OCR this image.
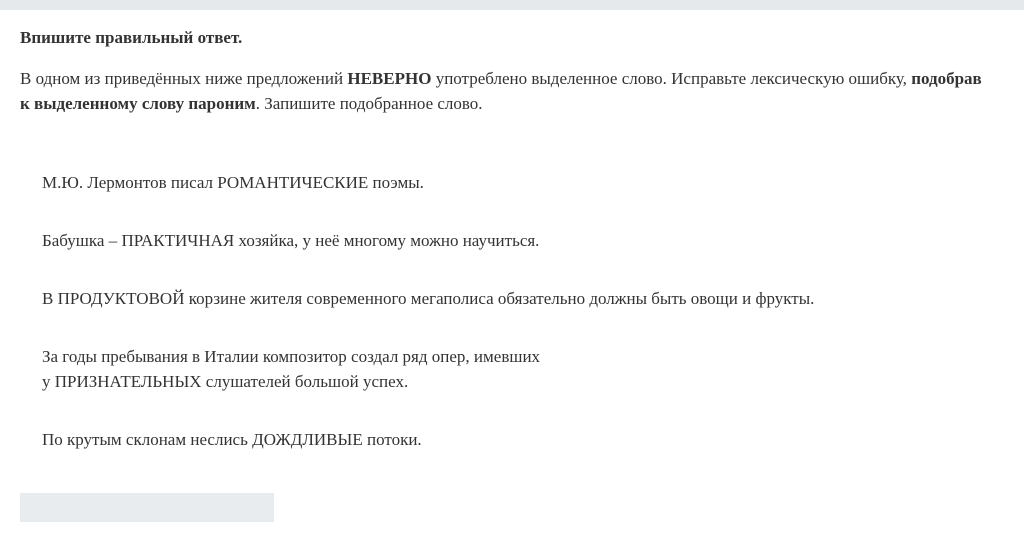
Впишите правильный ответ.

В одном из приведённых ниже предложений НЕВЕРНО употреблено выделенное слово. Исправьте лексическую ошибку, подобрав
к выделенному слову пароним. Запишите подобранное слово.

М.Ю. Лермонтов писал РОМАНТИЧЕСКИЕ поэмы.

Бабушка – ПРАКТИЧНАЯ хозяйка, у неё многому можно научиться.

В ПРОДУКТОВОЙ корзине жителя современного мегаполиса обязательно должны быть овощи и фрукты.

За годы пребывания в Италии композитор создал ряд опер, имевших
у ПРИЗНАТЕЛЬНЫХ слушателей большой успех.

По крутым склонам неслись ДОЖДЛИВЫЕ потоки.
